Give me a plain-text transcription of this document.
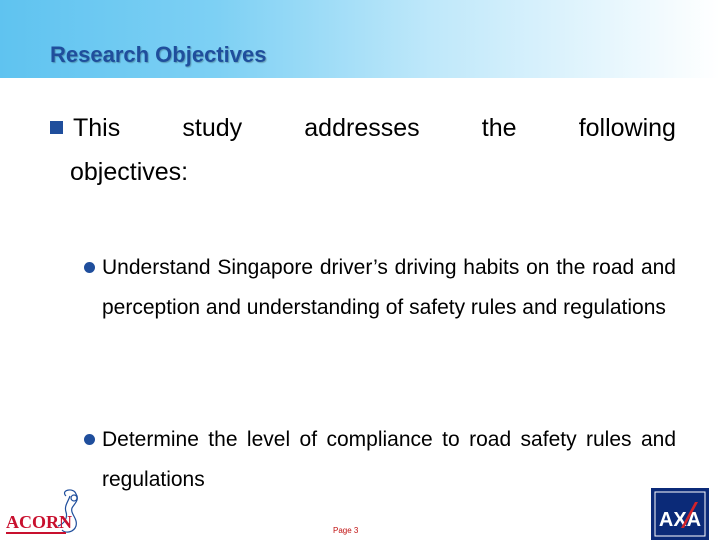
Research Objectives
This study addresses the following
objectives:
Understand Singapore driver’s driving habits on the road and perception and understanding of safety rules and regulations
Determine the level of compliance to road safety rules and regulations
ACORN	Page 3	AXA
